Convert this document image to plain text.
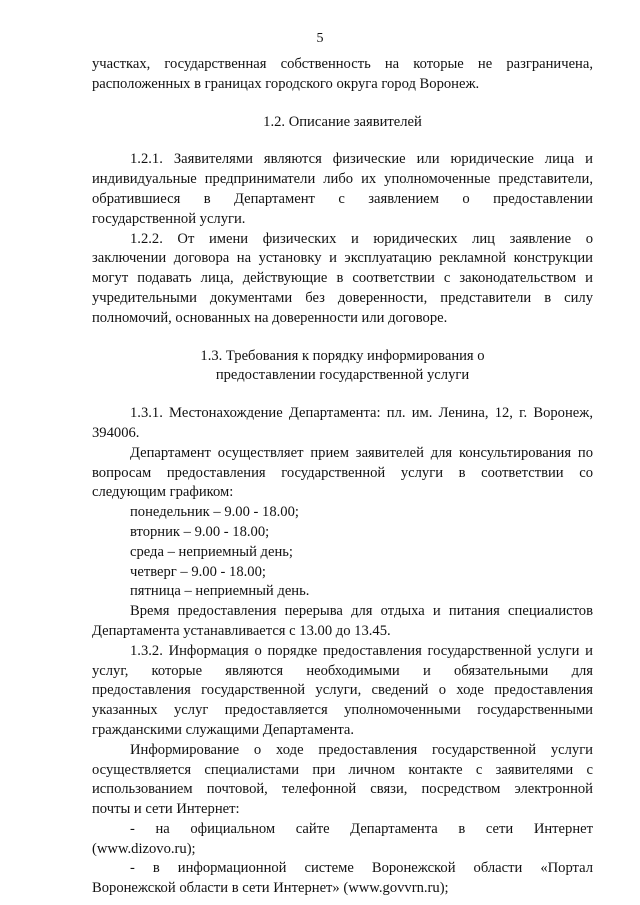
5

участках, государственная собственность на которые не разграничена,

расположенных в границах городского округа город Воронеж.

1.2. Описание заявителей

1.2.1. Заявителями являются физические или юридические лица и

индивидуальные предприниматели либо их уполномоченные представители,

обратившиеся в Департамент с заявлением о предоставлении

государственной услуги.

1.2.2. От имени физических и юридических лиц заявление о

заключении договора на установку и эксплуатацию рекламной конструкции

могут подавать лица, действующие в соответствии с законодательством и

учредительными документами без доверенности, представители в силу

полномочий, основанных на доверенности или договоре.

1.3. Требования к порядку информирования о

предоставлении государственной услуги

1.3.1. Местонахождение Департамента: пл. им. Ленина, 12, г. Воронеж,

394006.

Департамент осуществляет прием заявителей для консультирования по

вопросам предоставления государственной услуги в соответствии со

следующим графиком:

понедельник – 9.00 - 18.00;
вторник – 9.00 - 18.00;
среда – неприемный день;
четверг – 9.00 - 18.00;
пятница – неприемный день.

Время предоставления перерыва для отдыха и питания специалистов

Департамента устанавливается с 13.00 до 13.45.

1.3.2. Информация о порядке предоставления государственной услуги и

услуг, которые являются необходимыми и обязательными для

предоставления государственной услуги, сведений о ходе предоставления

указанных услуг предоставляется уполномоченными государственными

гражданскими служащими Департамента.

Информирование о ходе предоставления государственной услуги

осуществляется специалистами при личном контакте с заявителями с

использованием почтовой, телефонной связи, посредством электронной

почты и сети Интернет:

- на официальном сайте Департамента в сети Интернет

(www.dizovo.ru);

- в информационной системе Воронежской области «Портал

Воронежской области в сети Интернет» (www.govvrn.ru);
